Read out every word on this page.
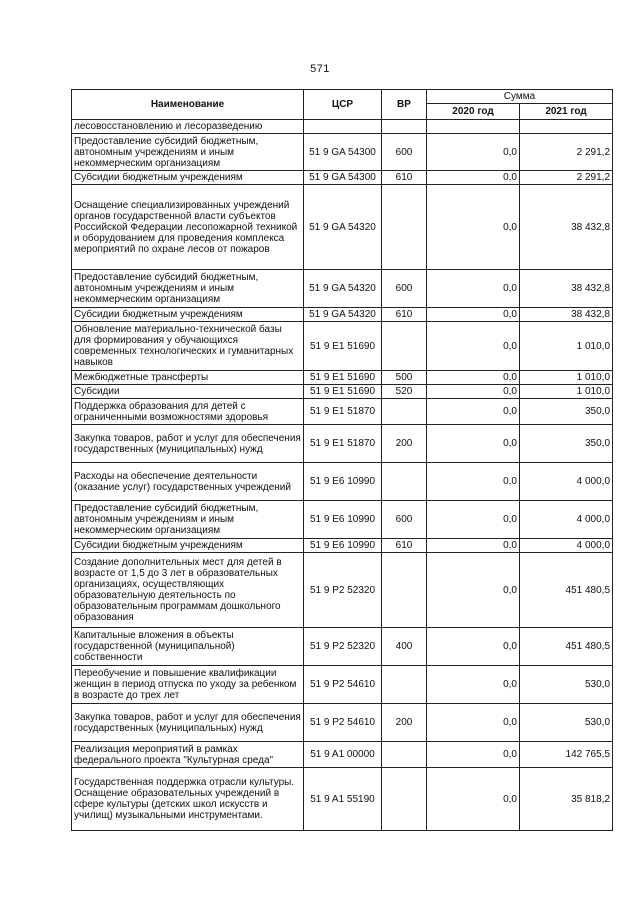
571
Наименование	ЦСР	ВР	Сумма	
			2020 год	2021 год
лесовосстановлению и лесоразведению				
Предоставление субсидий бюджетным, автономным учреждениям и иным некоммерческим организациям	51 9 GA 54300	600	0,0	2 291,2
Субсидии бюджетным учреждениям	51 9 GA 54300	610	0,0	2 291,2
Оснащение специализированных учреждений органов государственной власти субъектов Российской Федерации лесопожарной техникой и оборудованием для проведения комплекса мероприятий по охране лесов от пожаров	51 9 GA 54320		0,0	38 432,8
Предоставление субсидий бюджетным, автономным учреждениям и иным некоммерческим организациям	51 9 GA 54320	600	0,0	38 432,8
Субсидии бюджетным учреждениям	51 9 GA 54320	610	0,0	38 432,8
Обновление материально-технической базы для формирования у обучающихся современных технологических и гуманитарных навыков	51 9 E1 51690		0,0	1 010,0
Межбюджетные трансферты	51 9 E1 51690	500	0,0	1 010,0
Субсидии	51 9 E1 51690	520	0,0	1 010,0
Поддержка образования для детей с ограниченными возможностями здоровья	51 9 E1 51870		0,0	350,0
Закупка товаров, работ и услуг для обеспечения государственных (муниципальных) нужд	51 9 E1 51870	200	0,0	350,0
Расходы на обеспечение деятельности (оказание услуг) государственных учреждений	51 9 E6 10990		0,0	4 000,0
Предоставление субсидий бюджетным, автономным учреждениям и иным некоммерческим организациям	51 9 E6 10990	600	0,0	4 000,0
Субсидии бюджетным учреждениям	51 9 E6 10990	610	0,0	4 000,0
Создание дополнительных мест для детей в возрасте от 1,5 до 3 лет в образовательных организациях, осуществляющих образовательную деятельность по образовательным программам дошкольного образования	51 9 P2 52320		0,0	451 480,5
Капитальные вложения в объекты государственной (муниципальной) собственности	51 9 P2 52320	400	0,0	451 480,5
Переобучение и повышение квалификации женщин в период отпуска по уходу за ребенком в возрасте до трех лет	51 9 P2 54610		0,0	530,0
Закупка товаров, работ и услуг для обеспечения государственных (муниципальных) нужд	51 9 P2 54610	200	0,0	530,0
Реализация мероприятий в рамках федерального проекта "Культурная среда"	51 9 A1 00000		0,0	142 765,5
Государственная поддержка отрасли культуры. Оснащение образовательных учреждений в сфере культуры (детских школ искусств и училищ) музыкальными инструментами.	51 9 A1 55190		0,0	35 818,2
